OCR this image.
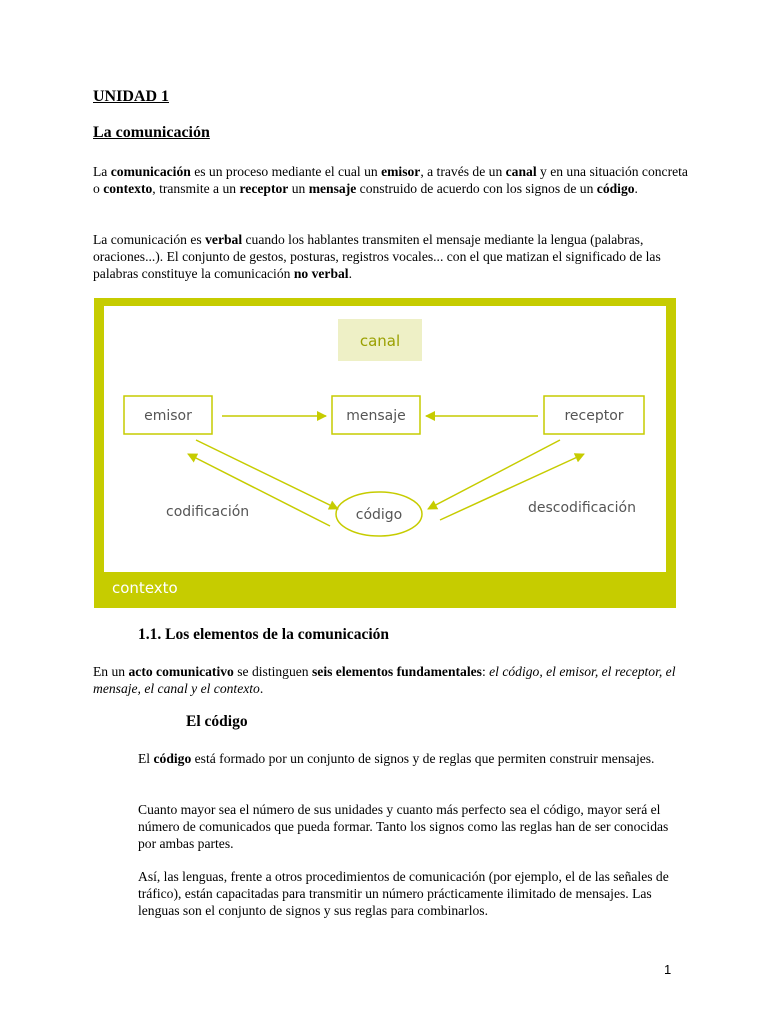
UNIDAD 1
La comunicación

La comunicación es un proceso mediante el cual un emisor, a través de un canal y en una situación concreta o contexto, transmite a un receptor un mensaje construido de acuerdo con los signos de un código.

La comunicación es verbal cuando los hablantes transmiten el mensaje mediante la lengua (palabras, oraciones...). El conjunto de gestos, posturas, registros vocales... con el que matizan el significado de las palabras constituye la comunicación no verbal.

canal
emisor	mensaje	receptor
código
codificación	descodificación
contexto
1.1. Los elementos de la comunicación

En un acto comunicativo se distinguen seis elementos fundamentales: el código, el emisor, el receptor, el mensaje, el canal y el contexto.

El código

El código está formado por un conjunto de signos y de reglas que permiten construir mensajes.

Cuanto mayor sea el número de sus unidades y cuanto más perfecto sea el código, mayor será el número de comunicados que pueda formar. Tanto los signos como las reglas han de ser conocidas por ambas partes.

Así, las lenguas, frente a otros procedimientos de comunicación (por ejemplo, el de las señales de tráfico), están capacitadas para transmitir un número prácticamente ilimitado de mensajes. Las lenguas son el conjunto de signos y sus reglas para combinarlos.

1
